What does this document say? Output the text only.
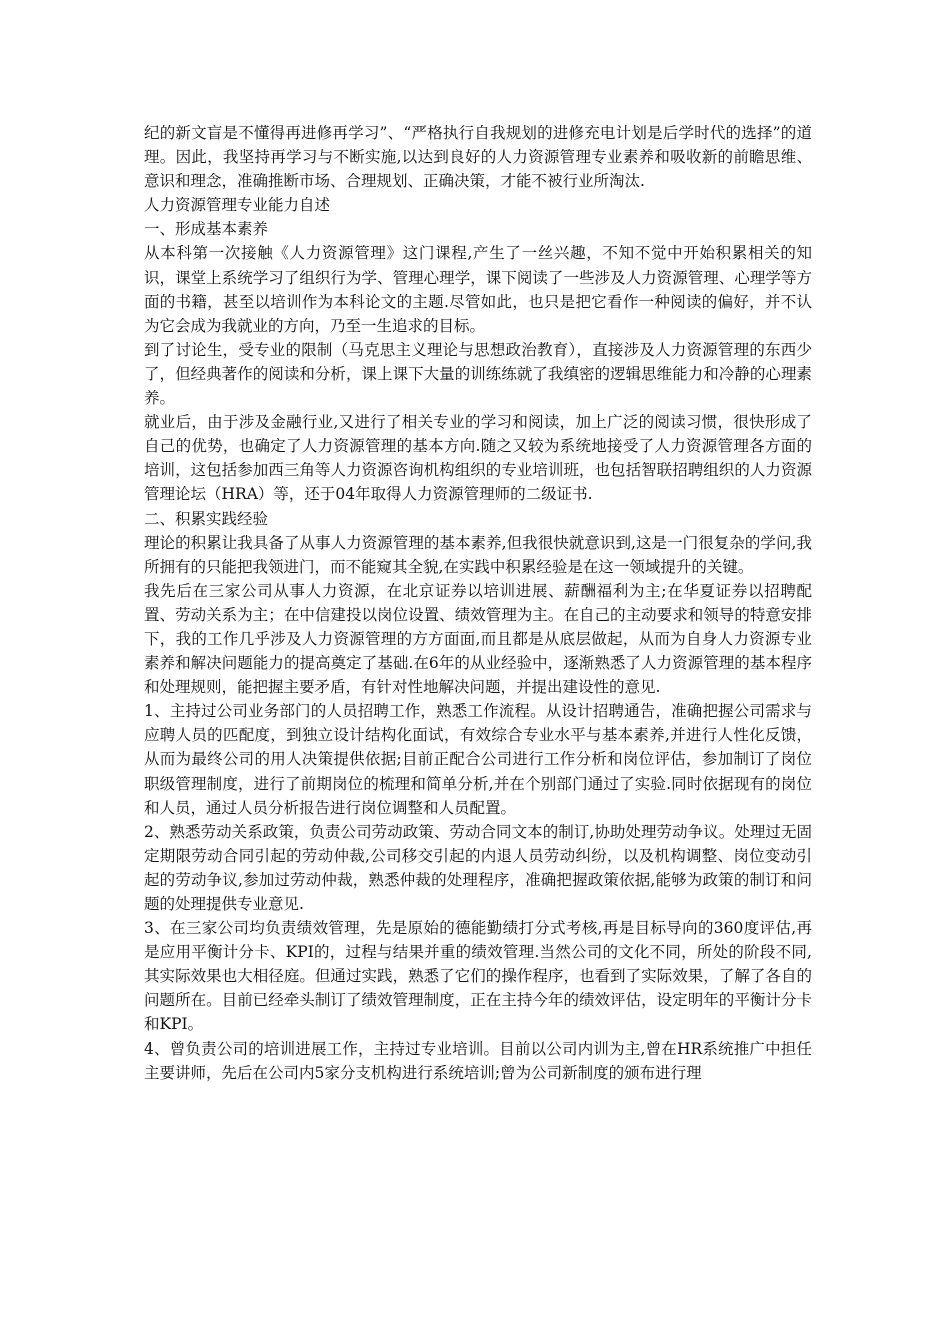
纪的新文盲是不懂得再进修再学习”、“严格执行自我规划的进修充电计划是后学时代的选择”的道理。因此，我坚持再学习与不断实施,以达到良好的人力资源管理专业素养和吸收新的前瞻思维、意识和理念，准确推断市场、合理规划、正确决策，才能不被行业所淘汰.

人力资源管理专业能力自述

一、形成基本素养

从本科第一次接触《人力资源管理》这门课程,产生了一丝兴趣，不知不觉中开始积累相关的知识，课堂上系统学习了组织行为学、管理心理学，课下阅读了一些涉及人力资源管理、心理学等方面的书籍，甚至以培训作为本科论文的主题.尽管如此，也只是把它看作一种阅读的偏好，并不认为它会成为我就业的方向，乃至一生追求的目标。

到了讨论生，受专业的限制（马克思主义理论与思想政治教育），直接涉及人力资源管理的东西少了，但经典著作的阅读和分析，课上课下大量的训练练就了我缜密的逻辑思维能力和冷静的心理素养。

就业后，由于涉及金融行业,又进行了相关专业的学习和阅读，加上广泛的阅读习惯，很快形成了自己的优势，也确定了人力资源管理的基本方向.随之又较为系统地接受了人力资源管理各方面的培训，这包括参加西三角等人力资源咨询机构组织的专业培训班，也包括智联招聘组织的人力资源管理论坛（HRA）等，还于04年取得人力资源管理师的二级证书.

二、积累实践经验

理论的积累让我具备了从事人力资源管理的基本素养,但我很快就意识到,这是一门很复杂的学问,我所拥有的只能把我领进门，而不能窥其全貌,在实践中积累经验是在这一领域提升的关键。

我先后在三家公司从事人力资源，在北京证券以培训进展、薪酬福利为主;在华夏证券以招聘配置、劳动关系为主；在中信建投以岗位设置、绩效管理为主。在自己的主动要求和领导的特意安排下，我的工作几乎涉及人力资源管理的方方面面,而且都是从底层做起，从而为自身人力资源专业素养和解决问题能力的提高奠定了基础.在6年的从业经验中，逐渐熟悉了人力资源管理的基本程序和处理规则，能把握主要矛盾，有针对性地解决问题，并提出建设性的意见.

1、主持过公司业务部门的人员招聘工作，熟悉工作流程。从设计招聘通告，准确把握公司需求与应聘人员的匹配度，到独立设计结构化面试，有效综合专业水平与基本素养,并进行人性化反馈，从而为最终公司的用人决策提供依据;目前正配合公司进行工作分析和岗位评估，参加制订了岗位职级管理制度，进行了前期岗位的梳理和简单分析,并在个别部门通过了实验.同时依据现有的岗位和人员，通过人员分析报告进行岗位调整和人员配置。

2、熟悉劳动关系政策，负责公司劳动政策、劳动合同文本的制订,协助处理劳动争议。处理过无固定期限劳动合同引起的劳动仲裁,公司移交引起的内退人员劳动纠纷，以及机构调整、岗位变动引起的劳动争议,参加过劳动仲裁，熟悉仲裁的处理程序，准确把握政策依据,能够为政策的制订和问题的处理提供专业意见.

3、在三家公司均负责绩效管理，先是原始的德能勤绩打分式考核,再是目标导向的360度评估,再是应用平衡计分卡、KPI的，过程与结果并重的绩效管理.当然公司的文化不同，所处的阶段不同,其实际效果也大相径庭。但通过实践，熟悉了它们的操作程序，也看到了实际效果，了解了各自的问题所在。目前已经牵头制订了绩效管理制度，正在主持今年的绩效评估，设定明年的平衡计分卡和KPI。

4、曾负责公司的培训进展工作，主持过专业培训。目前以公司内训为主,曾在HR系统推广中担任主要讲师，先后在公司内5家分支机构进行系统培训;曾为公司新制度的颁布进行理
